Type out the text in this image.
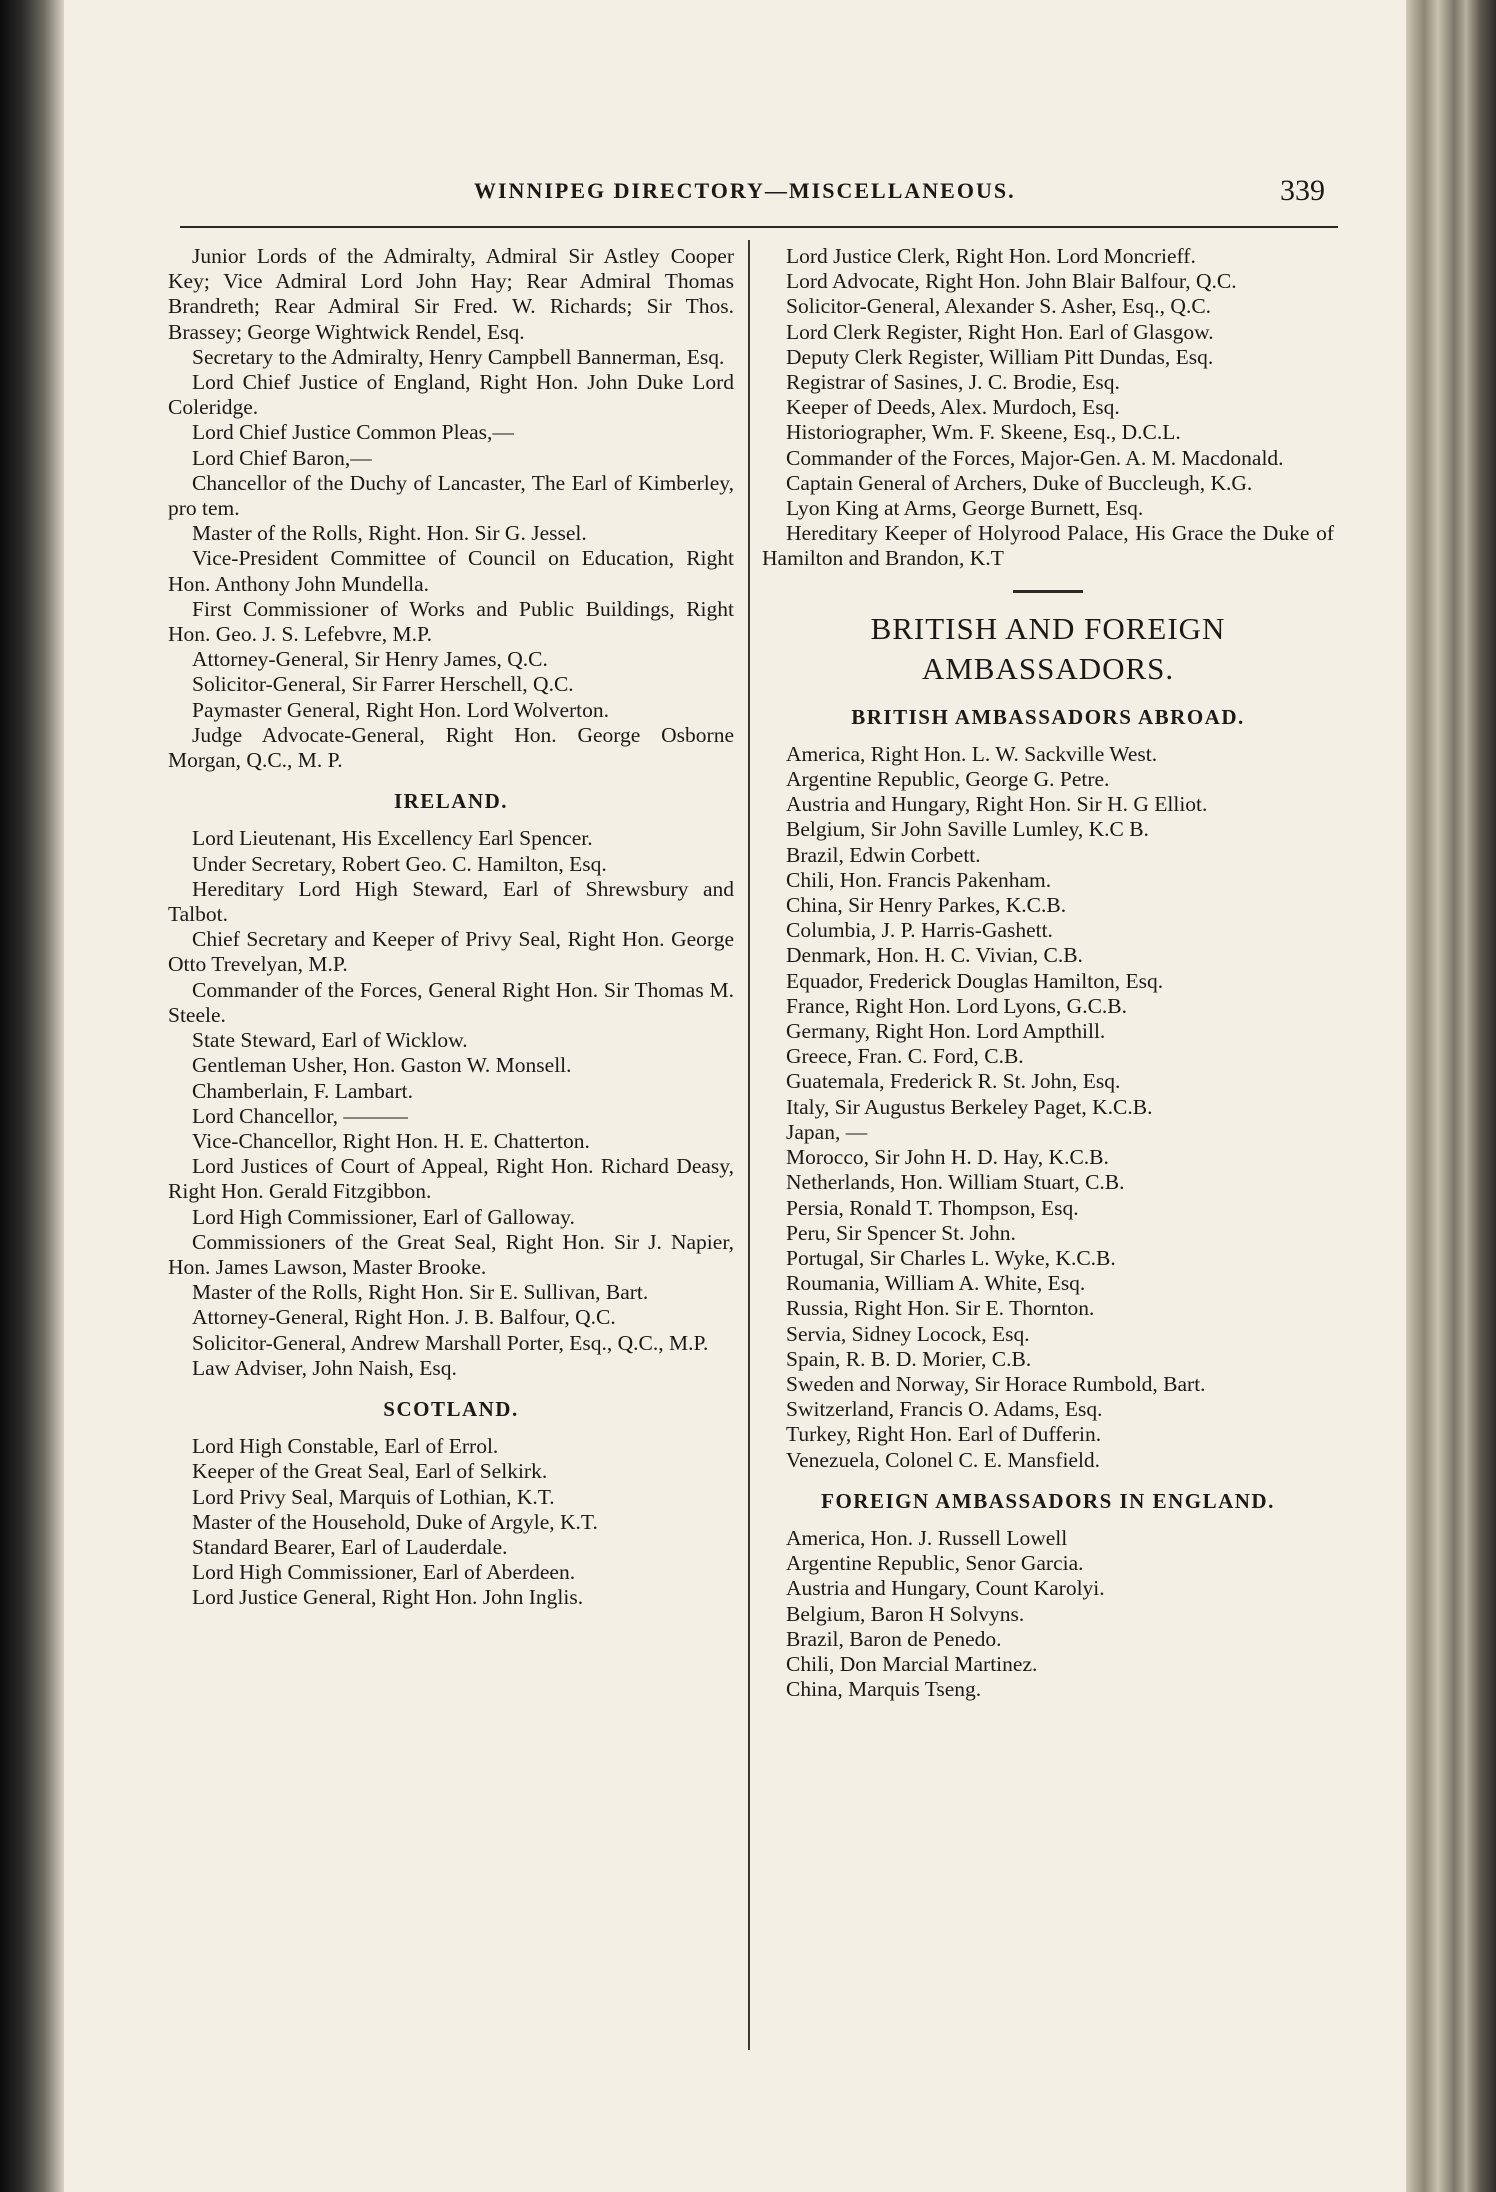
WINNIPEG DIRECTORY—MISCELLANEOUS.	339

Junior Lords of the Admiralty, Admiral Sir Astley Cooper Key; Vice Admiral Lord John Hay; Rear Admiral Thomas Brandreth; Rear Admiral Sir Fred. W. Richards; Sir Thos. Brassey; George Wightwick Rendel, Esq.

Secretary to the Admiralty, Henry Campbell Bannerman, Esq.

Lord Chief Justice of England, Right Hon. John Duke Lord Coleridge.

Lord Chief Justice Common Pleas,—

Lord Chief Baron,—

Chancellor of the Duchy of Lancaster, The Earl of Kimberley, pro tem.

Master of the Rolls, Right. Hon. Sir G. Jessel.

Vice-President Committee of Council on Education, Right Hon. Anthony John Mundella.

First Commissioner of Works and Public Buildings, Right Hon. Geo. J. S. Lefebvre, M.P.

Attorney-General, Sir Henry James, Q.C.

Solicitor-General, Sir Farrer Herschell, Q.C.

Paymaster General, Right Hon. Lord Wolverton.

Judge Advocate-General, Right Hon. George Osborne Morgan, Q.C., M. P.

IRELAND.

Lord Lieutenant, His Excellency Earl Spencer.

Under Secretary, Robert Geo. C. Hamilton, Esq.

Hereditary Lord High Steward, Earl of Shrewsbury and Talbot.

Chief Secretary and Keeper of Privy Seal, Right Hon. George Otto Trevelyan, M.P.

Commander of the Forces, General Right Hon. Sir Thomas M. Steele.

State Steward, Earl of Wicklow.

Gentleman Usher, Hon. Gaston W. Monsell.

Chamberlain, F. Lambart.

Lord Chancellor, ———

Vice-Chancellor, Right Hon. H. E. Chatterton.

Lord Justices of Court of Appeal, Right Hon. Richard Deasy, Right Hon. Gerald Fitzgibbon.

Lord High Commissioner, Earl of Galloway.

Commissioners of the Great Seal, Right Hon. Sir J. Napier, Hon. James Lawson, Master Brooke.

Master of the Rolls, Right Hon. Sir E. Sullivan, Bart.

Attorney-General, Right Hon. J. B. Balfour, Q.C.

Solicitor-General, Andrew Marshall Porter, Esq., Q.C., M.P.

Law Adviser, John Naish, Esq.

SCOTLAND.

Lord High Constable, Earl of Errol.

Keeper of the Great Seal, Earl of Selkirk.

Lord Privy Seal, Marquis of Lothian, K.T.

Master of the Household, Duke of Argyle, K.T.

Standard Bearer, Earl of Lauderdale.

Lord High Commissioner, Earl of Aberdeen.

Lord Justice General, Right Hon. John Inglis.

Lord Justice Clerk, Right Hon. Lord Moncrieff.

Lord Advocate, Right Hon. John Blair Balfour, Q.C.

Solicitor-General, Alexander S. Asher, Esq., Q.C.

Lord Clerk Register, Right Hon. Earl of Glasgow.

Deputy Clerk Register, William Pitt Dundas, Esq.

Registrar of Sasines, J. C. Brodie, Esq.

Keeper of Deeds, Alex. Murdoch, Esq.

Historiographer, Wm. F. Skeene, Esq., D.C.L.

Commander of the Forces, Major-Gen. A. M. Macdonald.

Captain General of Archers, Duke of Buccleugh, K.G.

Lyon King at Arms, George Burnett, Esq.

Hereditary Keeper of Holyrood Palace, His Grace the Duke of Hamilton and Brandon, K.T

BRITISH AND FOREIGN AMBASSADORS.
BRITISH AMBASSADORS ABROAD.

America, Right Hon. L. W. Sackville West.

Argentine Republic, George G. Petre.

Austria and Hungary, Right Hon. Sir H. G Elliot.

Belgium, Sir John Saville Lumley, K.C B.

Brazil, Edwin Corbett.

Chili, Hon. Francis Pakenham.

China, Sir Henry Parkes, K.C.B.

Columbia, J. P. Harris-Gashett.

Denmark, Hon. H. C. Vivian, C.B.

Equador, Frederick Douglas Hamilton, Esq.

France, Right Hon. Lord Lyons, G.C.B.

Germany, Right Hon. Lord Ampthill.

Greece, Fran. C. Ford, C.B.

Guatemala, Frederick R. St. John, Esq.

Italy, Sir Augustus Berkeley Paget, K.C.B.

Japan, —

Morocco, Sir John H. D. Hay, K.C.B.

Netherlands, Hon. William Stuart, C.B.

Persia, Ronald T. Thompson, Esq.

Peru, Sir Spencer St. John.

Portugal, Sir Charles L. Wyke, K.C.B.

Roumania, William A. White, Esq.

Russia, Right Hon. Sir E. Thornton.

Servia, Sidney Locock, Esq.

Spain, R. B. D. Morier, C.B.

Sweden and Norway, Sir Horace Rumbold, Bart.

Switzerland, Francis O. Adams, Esq.

Turkey, Right Hon. Earl of Dufferin.

Venezuela, Colonel C. E. Mansfield.

FOREIGN AMBASSADORS IN ENGLAND.

America, Hon. J. Russell Lowell

Argentine Republic, Senor Garcia.

Austria and Hungary, Count Karolyi.

Belgium, Baron H Solvyns.

Brazil, Baron de Penedo.

Chili, Don Marcial Martinez.

China, Marquis Tseng.
